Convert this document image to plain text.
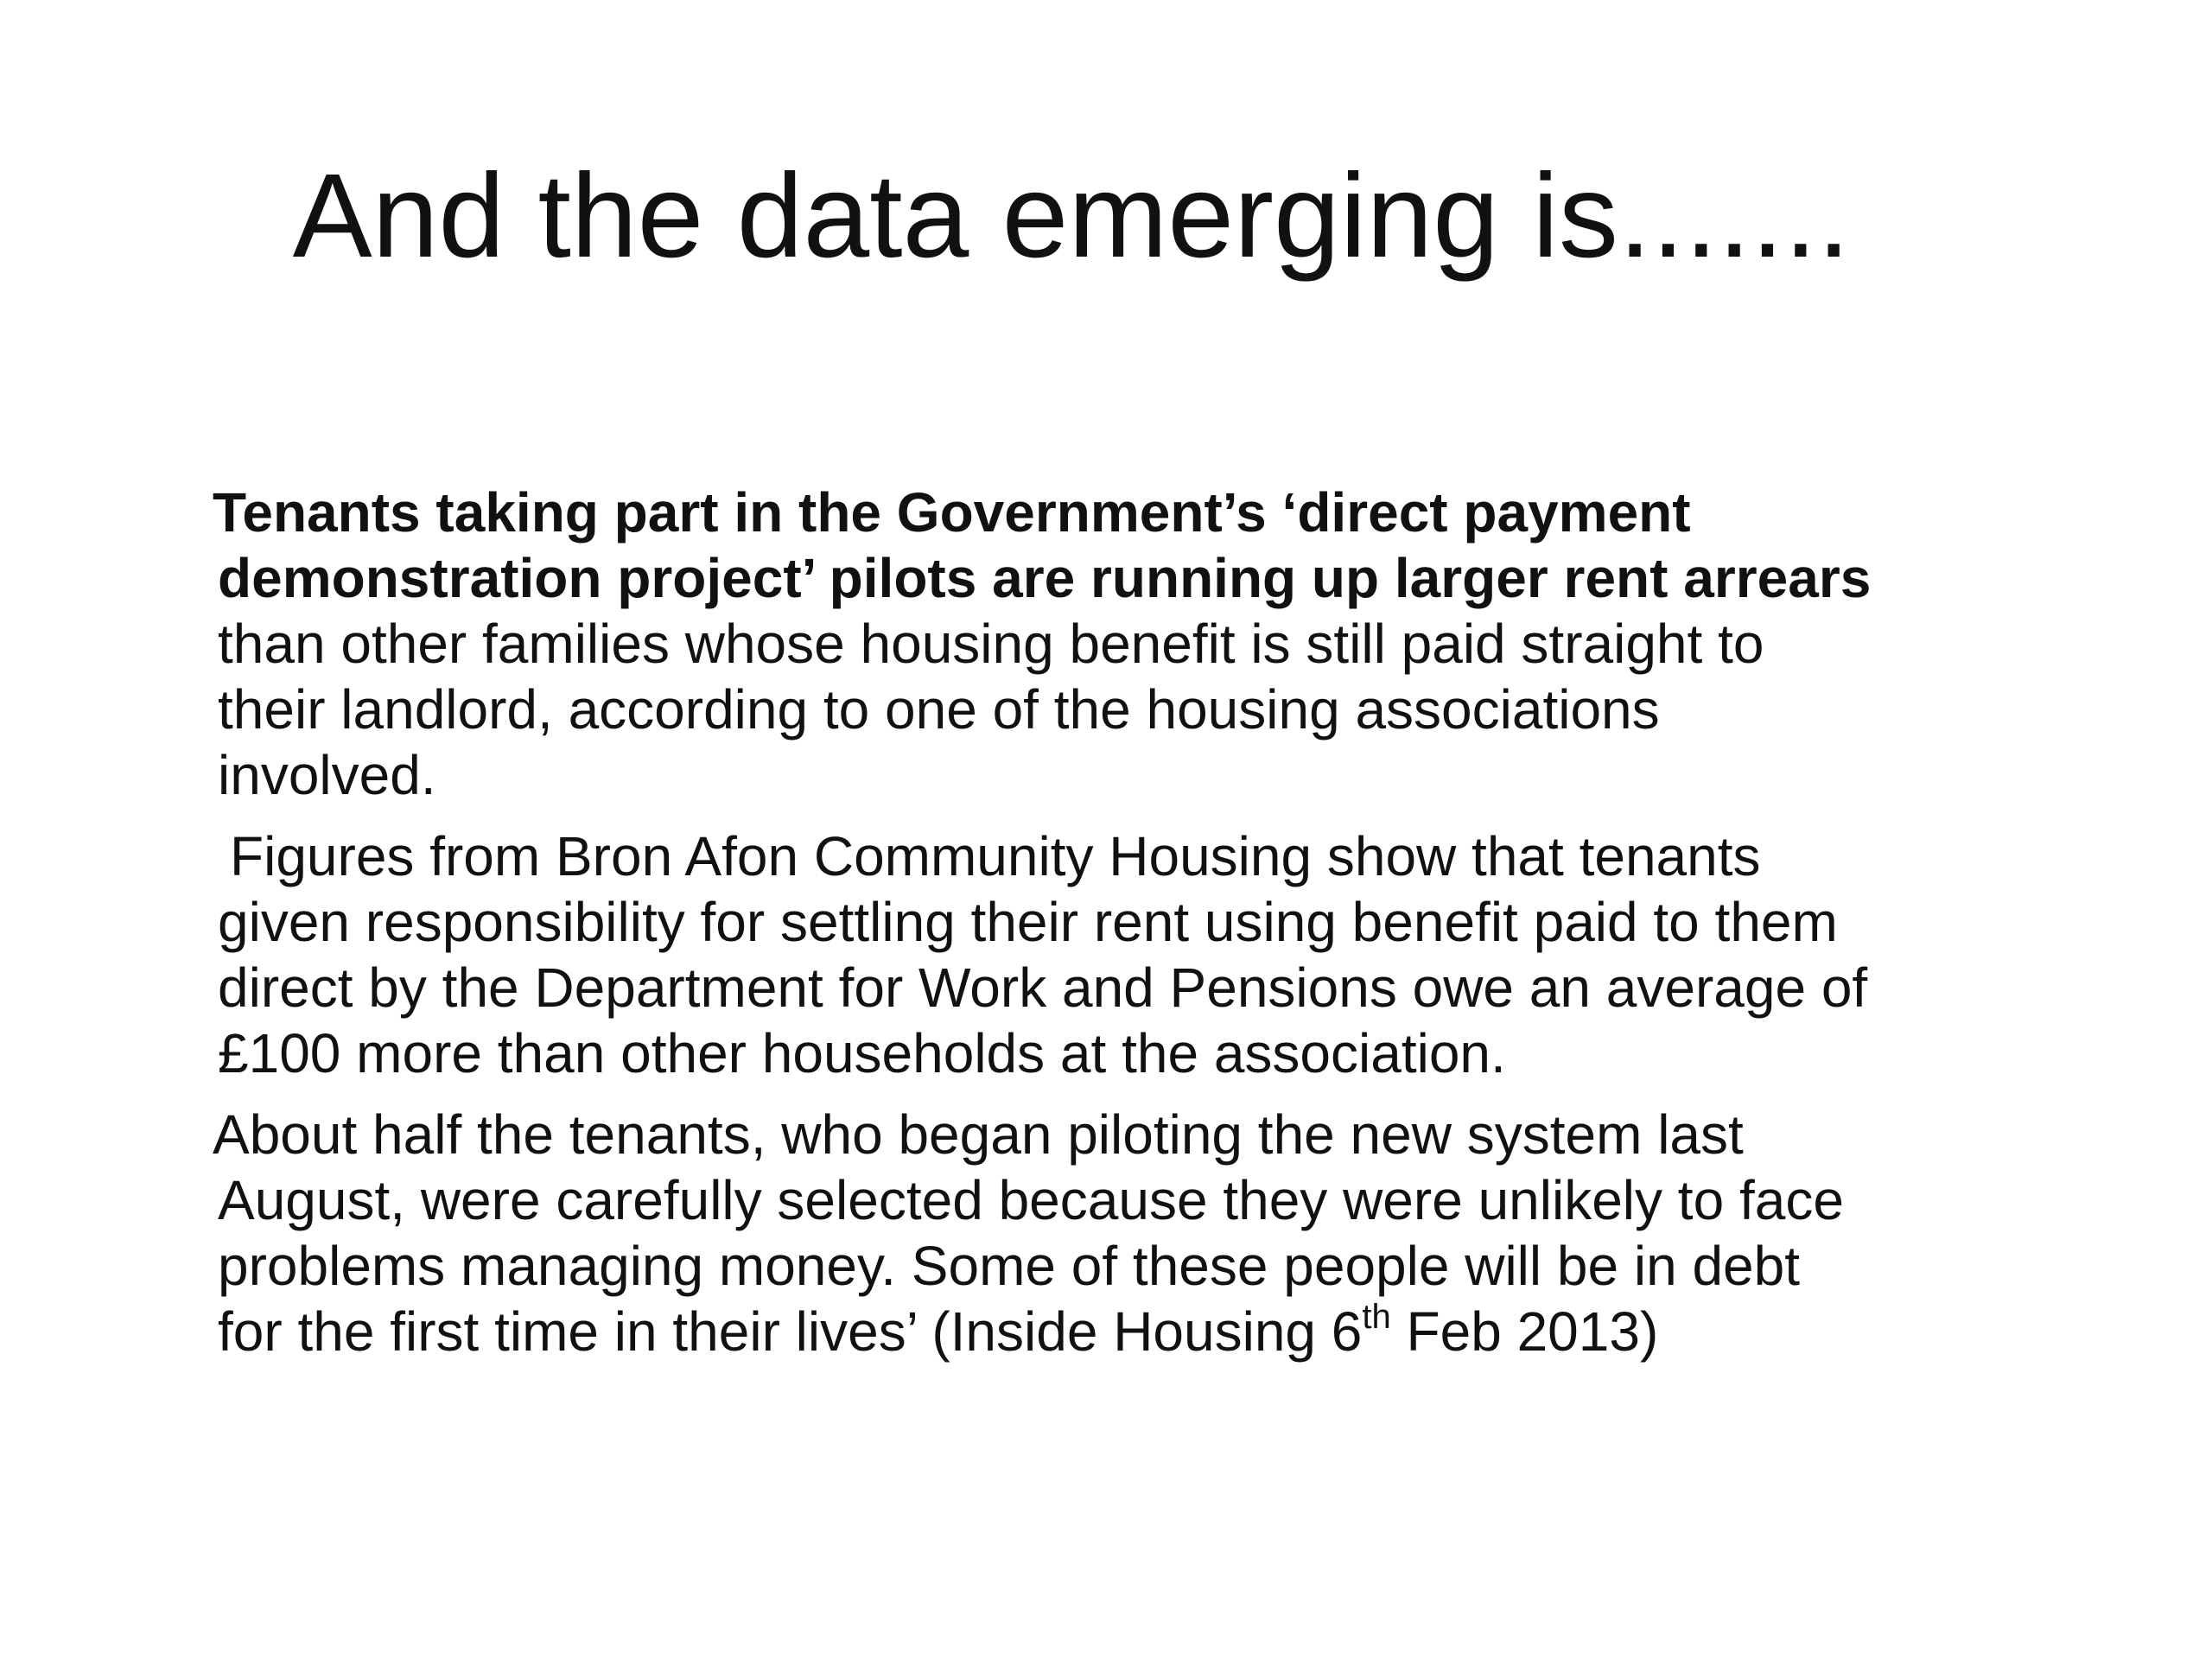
And the data emerging is.......
Tenants taking part in the Government’s ‘direct payment
demonstration project’ pilots are running up larger rent arrears
than other families whose housing benefit is still paid straight to
their landlord, according to one of the housing associations
involved.
Figures from Bron Afon Community Housing show that tenants
given responsibility for settling their rent using benefit paid to them
direct by the Department for Work and Pensions owe an average of
£100 more than other households at the association.
About half the tenants, who began piloting the new system last
August, were carefully selected because they were unlikely to face
problems managing money. Some of these people will be in debt
for the first time in their lives’ (Inside Housing 6th Feb 2013)
